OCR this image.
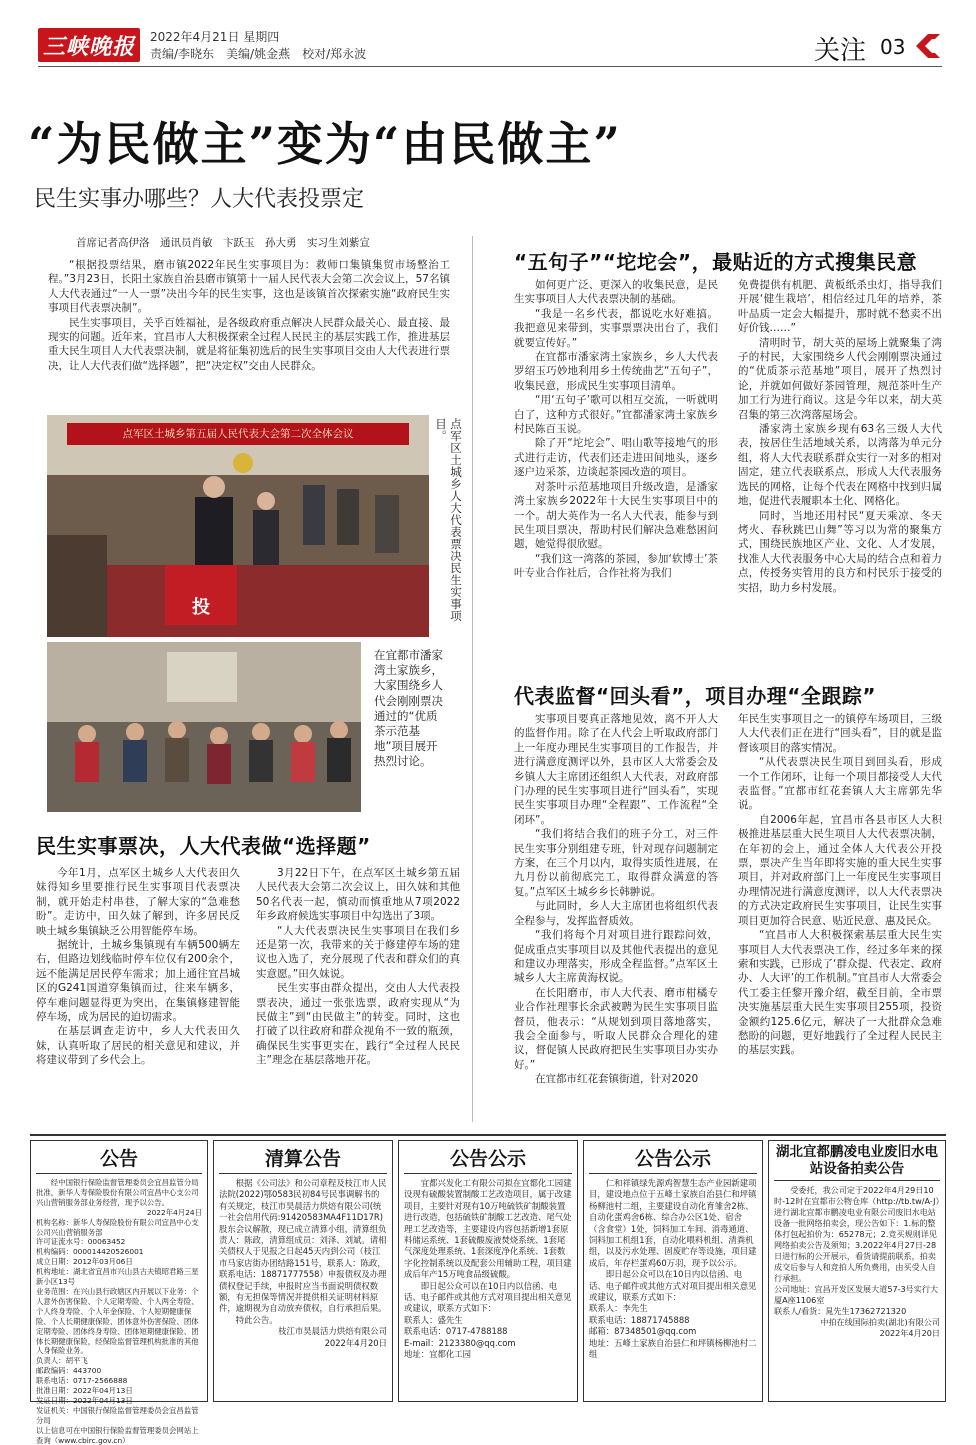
三峡晚报 2022年4月21日 星期四
责编/李晓东　美编/姚金燕　校对/郑永波	关注 03
“为民做主”变为“由民做主”
民生实事办哪些？人大代表投票定
首席记者高伊洛　通讯员肖敏　卞跃玉　孙大勇　实习生刘紫宣

“根据投票结果，磨市镇2022年民生实事项目为：救师口集镇集贸市场整治工程。”3月23日，长阳土家族自治县磨市镇第十一届人民代表大会第二次会议上，57名镇人大代表通过“一人一票”决出今年的民生实事，这也是该镇首次探索实施“政府民生实事项目代表票决制”。

民生实事项目，关乎百姓福祉，是各级政府重点解决人民群众最关心、最直接、最现实的问题。近年来，宜昌市人大积极探索全过程人民民主的基层实践工作，推进基层重大民生项目人大代表票决制，就是将征集初选后的民生实事项目交由人大代表进行票决，让人大代表们做“选择题”，把“决定权”交由人民群众。

点军区土城乡第五届人民代表大会第二次全体会议
投	点军区土城乡人大代表票决民生实事项目。
在宜都市潘家湾土家族乡，大家围绕乡人代会刚刚票决通过的“优质茶示范基地”项目展开热烈讨论。
民生实事票决，人大代表做“选择题”

今年1月，点军区土城乡人大代表田久妹得知乡里要推行民生实事项目代表票决制，就开始走村串巷，了解大家的“急难愁盼”。走访中，田久妹了解到，许多居民反映土城乡集镇缺乏公用智能停车场。

据统计，土城乡集镇现有车辆500辆左右，但路边划线临时停车位仅有200余个，远不能满足居民停车需求；加上通往宜昌城区的G241国道穿集镇而过，往来车辆多，停车难问题显得更为突出，在集镇修建智能停车场，成为居民的迫切需求。

在基层调查走访中，乡人大代表田久妹，认真听取了居民的相关意见和建议，并将建议带到了乡代会上。

3月22日下午，在点军区土城乡第五届人民代表大会第二次会议上，田久妹和其他50名代表一起，慎动而慎重地从7项2022年乡政府候选实事项目中勾选出了3项。

“人大代表票决民生实事项目在我们乡还是第一次，我带来的关于修建停车场的建议也入选了，充分展现了代表和群众们的真实意愿。”田久妹说。

民生实事由群众提出，交由人大代表投票表决，通过一张张选票，政府实现从“为民做主”到“由民做主”的转变。同时，这也打破了以往政府和群众视角不一致的瓶颈，确保民生实事更实在，践行“全过程人民民主”理念在基层落地开花。

“五句子”“坨坨会”，最贴近的方式搜集民意

如何更广泛、更深入的收集民意，是民生实事项目人大代表票决制的基础。

“我是一名乡代表，都说吃水好难搞。我把意见来带到，实事票票决出台了，我们就要宣传好。”

在宜都市潘家湾土家族乡，乡人大代表罗绍玉巧妙地利用乡土传统曲艺“五句子”，收集民意，形成民生实事项目清单。

“用‘五句子’歌可以相互交流，一听就明白了，这种方式很好。”宜都潘家湾土家族乡村民陈百玉说。

除了开“坨坨会”、唱山歌等接地气的形式进行走访，代表们还走进田间地头，逐乡逐户边采茶，边谈起茶园改造的项目。

对茶叶示范基地项目升级改造，是潘家湾土家族乡2022年十大民生实事项目中的一个。胡大英作为一名人大代表，能参与到民生项目票决，帮助村民们解决急难愁困问题，她觉得很欣慰。

“我们这一湾落的茶园，参加‘软博士’茶叶专业合作社后，合作社将为我们

免费提供有机肥、黄板纸杀虫灯，指导我们开展‘健生栽培’，相信经过几年的培养，茶叶品质一定会大幅提升，那时就不愁卖不出好价钱……”

清明时节，胡大英的屋场上就聚集了湾子的村民，大家围绕乡人代会刚刚票决通过的“优质茶示范基地”项目，展开了热烈讨论，并就如何做好茶园管理，规范茶叶生产加工行为进行商议。这是今年以来，胡大英召集的第三次湾落屋场会。

潘家湾土家族乡现有63名三级人大代表，按居住生活地域关系，以湾落为单元分组，将人大代表联系群众实行一对多的相对固定，建立代表联系点，形成人大代表服务选民的网格，让每个代表在网格中找到归属地，促进代表履职本土化、网格化。

同时，当地还用村民“夏天乘凉、冬天烤火、春秋跳巴山舞”等习以为常的聚集方式，围绕民族地区产业、文化、人才发展，找准人大代表服务中心大局的结合点和着力点，传授务实管用的良方和村民乐于接受的实招，助力乡村发展。

代表监督“回头看”，项目办理“全跟踪”

实事项目要真正落地见效，离不开人大的监督作用。除了在人代会上听取政府部门上一年度办理民生实事项目的工作报告，并进行满意度测评以外，县市区人大常委会及乡镇人大主席团还组织人大代表，对政府部门办理的民生实事项目进行“回头看”，实现民生实事项目办理“全程跟”、工作流程“全闭环”。

“我们将结合我们的班子分工，对三件民生实事分别组建专班，针对现存问题制定方案，在三个月以内，取得实质性进展，在九月份以前彻底完工，取得群众满意的答复。”点军区土城乡乡长韩翀说。

与此同时，乡人大主席团也将组织代表全程参与，发挥监督质效。

“我们将每个月对项目进行跟踪问效，促成重点实事项目以及其他代表提出的意见和建议办理落实，形成全程监督。”点军区土城乡人大主席黄海权说。

在长阳磨市，市人大代表、磨市柑橘专业合作社理事长余武被聘为民生实事项目监督员，他表示：“从规划到项目落地落实，我会全面参与，听取人民群众合理化的建议，督促镇人民政府把民生实事项目办实办好。”

在宜都市红花套镇街道，针对2020

年民生实事项目之一的镇停车场项目，三级人大代表们正在进行“回头看”，目的就是监督该项目的落实情况。

“从代表票决民生项目到回头看，形成一个工作闭环，让每一个项目都接受人大代表监督。”宜都市红花套镇人大主席郭先华说。

自2006年起，宜昌市各县市区人大积极推进基层重大民生项目人大代表票决制，在年初的会上，通过全体人大代表公开投票，票决产生当年即将实施的重大民生实事项目，并对政府部门上一年度民生实事项目办理情况进行满意度测评，以人大代表票决的方式决定政府民生实事项目，让民生实事项目更加符合民意、贴近民意、惠及民众。

“宜昌市人大积极探索基层重大民生实事项目人大代表票决工作，经过多年来的探索和实践，已形成了‘群众提、代表定、政府办、人大评’的工作机制。”宜昌市人大常委会代工委主任黎开豫介绍，截至目前，全市票决实施基层重大民生实事项目255项，投资金额约125.6亿元，解决了一大批群众急难愁盼的问题，更好地践行了全过程人民民主的基层实践。

公告

经中国银行保险监督管理委员会宜昌监管分局批准，新华人寿保险股份有限公司宜昌中心支公司兴山营销服务部业务经营，现予以公告。

2022年4月24日

机构名称：新华人寿保险股份有限公司宜昌中心支公司兴山营销服务部

许可证流水号：00063452

机构编码：000014420526001

成立日期：2012年03月06日

机构地址：湖北省宜昌市兴山县古夫镇昭君路三星新小区13号

业务范围：在兴山县行政辖区内开展以下业务：个人意外伤害保险、个人定期寿险、个人两全寿险、个人终身寿险、个人年金保险、个人短期健康保险、个人长期健康保险、团体意外伤害保险、团体定期寿险、团体终身寿险、团体短期健康保险、团体长期健康保险，经保险监督管理机构批准的其他人身保险业务。

负责人：胡平飞

邮政编码：443700

联系电话：0717-2566888

批准日期：2022年04月13日

发证日期：2022年04月13日

发证机关：中国银行保险监督管理委员会宜昌监管分局

以上信息可在中国银行保险监督管理委员会网站上查询（www.cbirc.gov.cn）

清算公告

根据《公司法》和公司章程及枝江市人民法院(2022)鄂0583民初84号民事调解书的有关规定，枝江市昊晨活力烘焙有限公司(统一社会信用代码:91420583MA4F11D17R)股东会议解散，现已成立清算小组，清算组负责人：陈政，清算组成员：刘泽、刘斌。请相关债权人于见报之日起45天内到公司（枝江市马家店街办团结路151号，联系人：陈政，联系电话：18871777558）申报债权及办理债权登记手续，申报时应当书面说明债权数额，有无担保等情况并提供相关证明材料原件，逾期视为自动放弃债权，自行承担后果。

特此公告。

枝江市昊晨活力烘焙有限公司

2022年4月20日

公告公示

宜都兴发化工有限公司拟在宜都化工园建设现有硫酸装置制酸工艺改造项目，属于改建项目，主要针对现有10万吨硫铁矿制酸装置进行改造，包括硫铁矿制酸工艺改造、尾气处理工艺改造等，主要建设内容包括新增1套原料储运系统、1套硫酸废液焚烧系统、1套尾气深度处理系统、1套深度净化系统、1套数字化控制系统以及配套公用辅助工程，项目建成后年产15万吨食品级硫酸。

即日起公众可以在10日内以信函、电话、电子邮件或其他方式对项目提出相关意见或建议，联系方式如下：

联系人：盛先生

联系电话：0717-4788188

E-mail：2123380@qq.com

地址：宜都化工园

公告公示

仁和祥镇绿先源鸡智慧生态产业园新建项目，建设地点位于五峰土家族自治县仁和坪镇杨柳池村二组，主要建设自动化育雏舍2栋、自动化蛋鸡舍6栋、综合办公区1处、宿舍（含食堂）1处，饲料加工车间、消毒通道、饲料加工机组1套，自动化喂料机组、清粪机组，以及污水处理、固废贮存等设施，项目建成后，年存栏蛋鸡60万羽，现予以公示。

即日起公众可以在10日内以信函、电话、电子邮件或其他方式对项目提出相关意见或建议，联系方式如下：

联系人：李先生

联系电话：18871745888

邮箱：87348501@qq.com

地址：五峰土家族自治县仁和坪镇杨柳池村二组

湖北宜都鹏凌电业废旧水电站设备拍卖公告

受委托，我公司定于2022年4月29日10时-12时在宜都市公物仓库（http://tb.tw/A-J）进行湖北宜都市鹏凌电业有限公司废旧水电站设备一批网络拍卖会，现公告如下：1.标的整体打包起拍价为：65278元；2.竞买规则详见网络拍卖公告及须知；3.2022年4月27日-28日进行标的公开展示，看货请提前联系，拍卖成交后参与人和竞拍人所负费用，由买受人自行承担。

公司地址：宜昌开发区发展大道57-3号实行大厦A座1106室

联系人/看货：晁先生17362721320

中拍在线国际拍卖(湖北)有限公司

2022年4月20日
